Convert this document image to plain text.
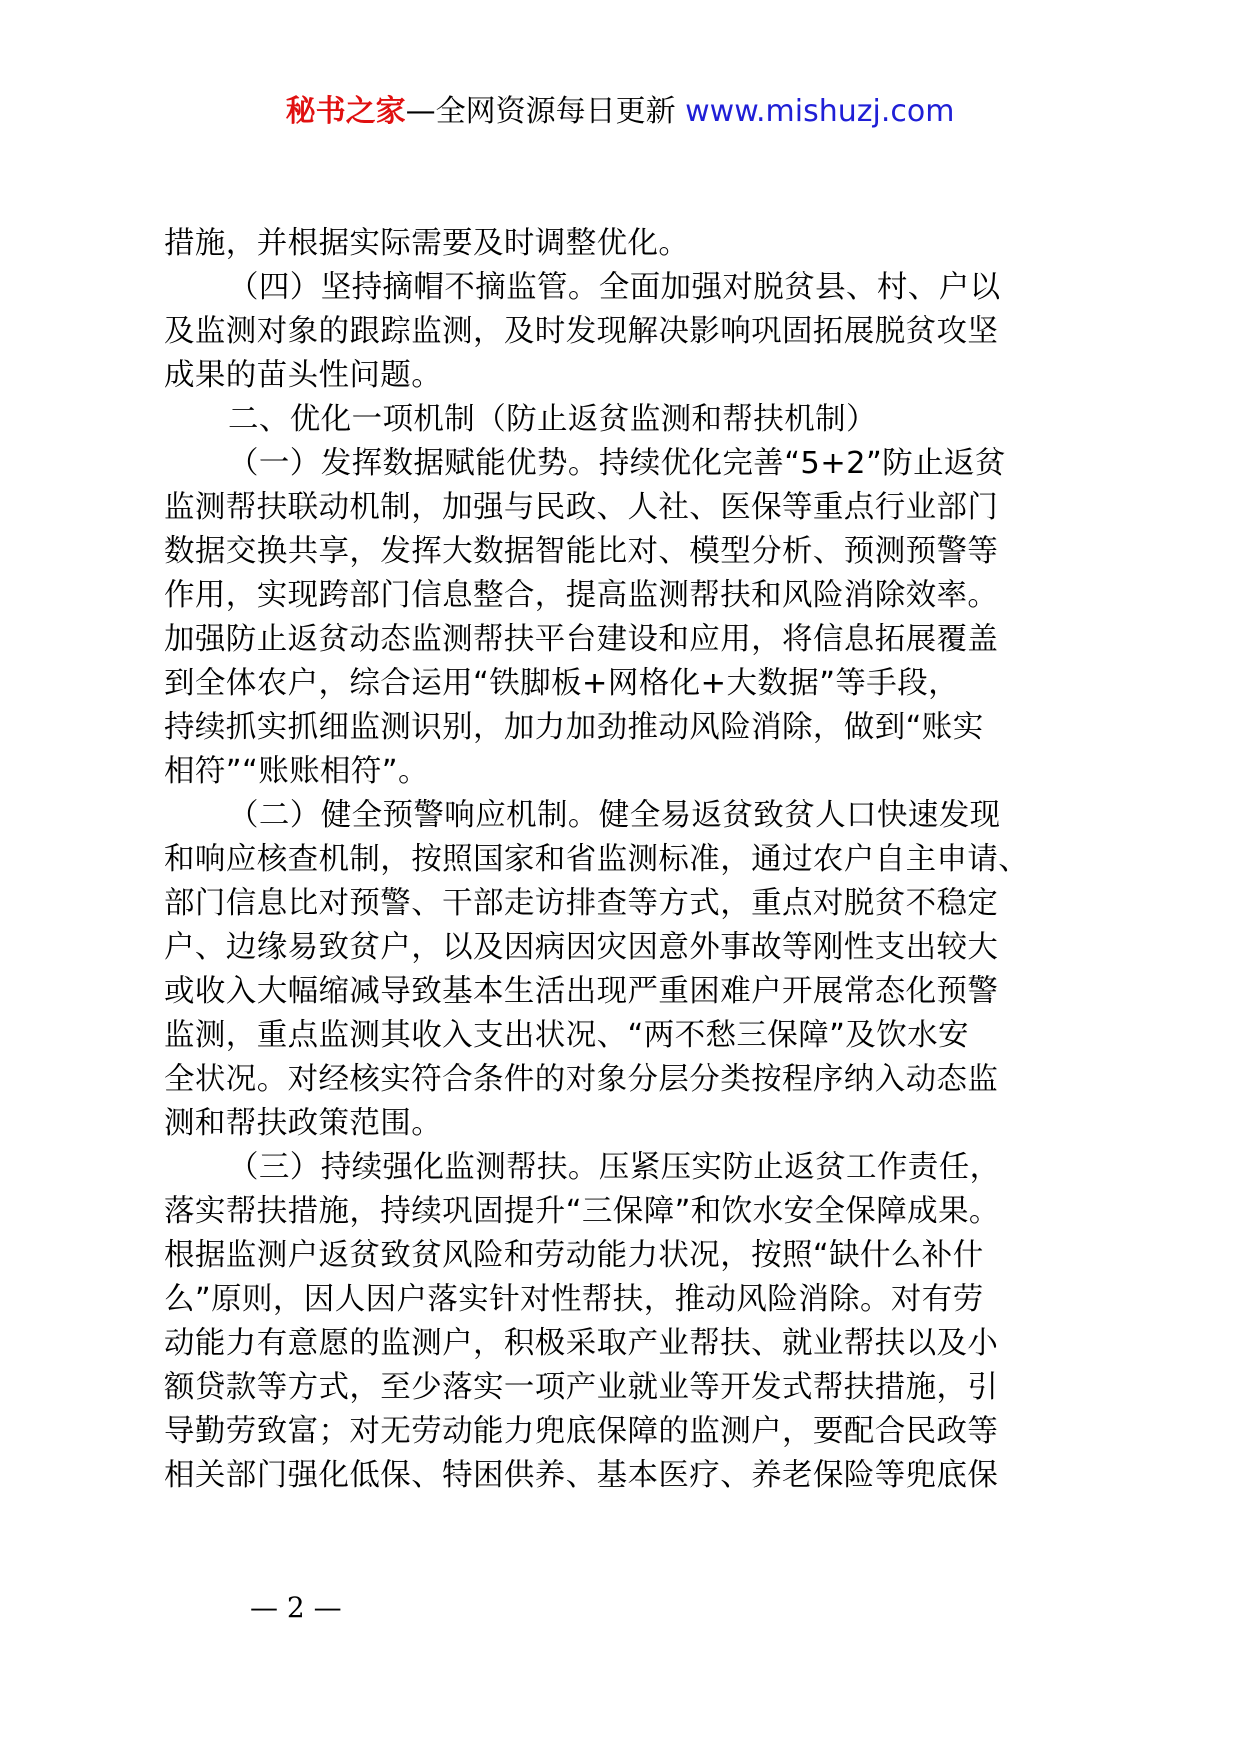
秘书之家—全网资源每日更新 www.mishuzj.com
措施，并根据实际需要及时调整优化。
（四）坚持摘帽不摘监管。全面加强对脱贫县、村、户以
及监测对象的跟踪监测，及时发现解决影响巩固拓展脱贫攻坚
成果的苗头性问题。
二、优化一项机制（防止返贫监测和帮扶机制）
（一）发挥数据赋能优势。持续优化完善“5+2”防止返贫
监测帮扶联动机制，加强与民政、人社、医保等重点行业部门
数据交换共享，发挥大数据智能比对、模型分析、预测预警等
作用，实现跨部门信息整合，提高监测帮扶和风险消除效率。
加强防止返贫动态监测帮扶平台建设和应用，将信息拓展覆盖
到全体农户，综合运用“铁脚板+网格化+大数据”等手段，
持续抓实抓细监测识别，加力加劲推动风险消除，做到“账实
相符”“账账相符”。
（二）健全预警响应机制。健全易返贫致贫人口快速发现
和响应核查机制，按照国家和省监测标准，通过农户自主申请、
部门信息比对预警、干部走访排查等方式，重点对脱贫不稳定
户、边缘易致贫户，以及因病因灾因意外事故等刚性支出较大
或收入大幅缩减导致基本生活出现严重困难户开展常态化预警
监测，重点监测其收入支出状况、“两不愁三保障”及饮水安
全状况。对经核实符合条件的对象分层分类按程序纳入动态监
测和帮扶政策范围。
（三）持续强化监测帮扶。压紧压实防止返贫工作责任，
落实帮扶措施，持续巩固提升“三保障”和饮水安全保障成果。
根据监测户返贫致贫风险和劳动能力状况，按照“缺什么补什
么”原则，因人因户落实针对性帮扶，推动风险消除。对有劳
动能力有意愿的监测户，积极采取产业帮扶、就业帮扶以及小
额贷款等方式，至少落实一项产业就业等开发式帮扶措施，引
导勤劳致富；对无劳动能力兜底保障的监测户，要配合民政等
相关部门强化低保、特困供养、基本医疗、养老保险等兜底保
— 2 —
